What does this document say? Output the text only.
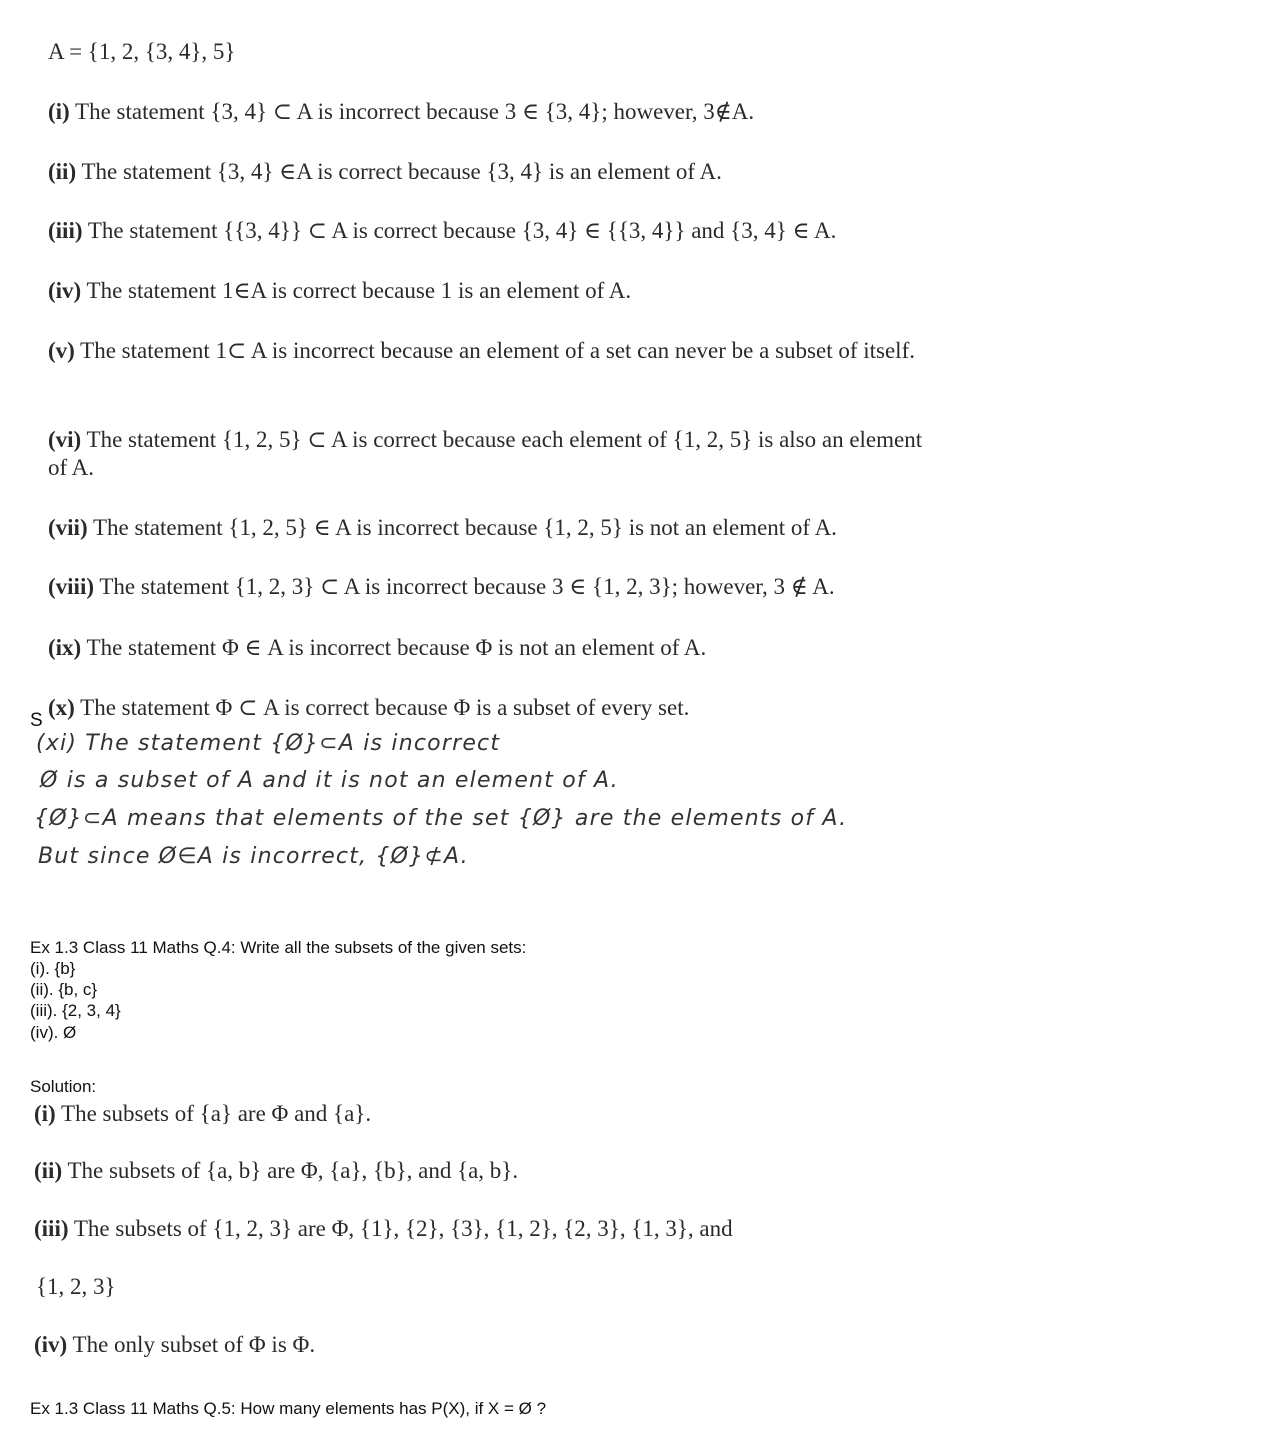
A = {1, 2, {3, 4}, 5}
(i) The statement {3, 4} ⊂ A is incorrect because 3 ∈ {3, 4}; however, 3∉A.
(ii) The statement {3, 4} ∈A is correct because {3, 4} is an element of A.
(iii) The statement {{3, 4}} ⊂ A is correct because {3, 4} ∈ {{3, 4}} and {3, 4} ∈ A.
(iv) The statement 1∈A is correct because 1 is an element of A.
(v) The statement 1⊂ A is incorrect because an element of a set can never be a subset of itself.
(vi) The statement {1, 2, 5} ⊂ A is correct because each element of {1, 2, 5} is also an element of A.
(vii) The statement {1, 2, 5} ∈ A is incorrect because {1, 2, 5} is not an element of A.
(viii) The statement {1, 2, 3} ⊂ A is incorrect because 3 ∈ {1, 2, 3}; however, 3 ∉ A.
(ix) The statement Φ ∈ A is incorrect because Φ is not an element of A.
S
(x) The statement Φ ⊂ A is correct because Φ is a subset of every set.
(xi) The statement {Ø}⊂A is incorrect
Ø is a subset of A and it is not an element of A.
{Ø}⊂A means that elements of the set {Ø} are the elements of A.
But since Ø∈A is incorrect, {Ø}⊄A.
Ex 1.3 Class 11 Maths Q.4: Write all the subsets of the given sets:
(i). {b}
(ii). {b, c}
(iii). {2, 3, 4}
(iv). Ø
Solution:
(i) The subsets of {a} are Φ and {a}.
(ii) The subsets of {a, b} are Φ, {a}, {b}, and {a, b}.
(iii) The subsets of {1, 2, 3} are Φ, {1}, {2}, {3}, {1, 2}, {2, 3}, {1, 3}, and
{1, 2, 3}
(iv) The only subset of Φ is Φ.
Ex 1.3 Class 11 Maths Q.5: How many elements has P(X), if X = Ø ?
